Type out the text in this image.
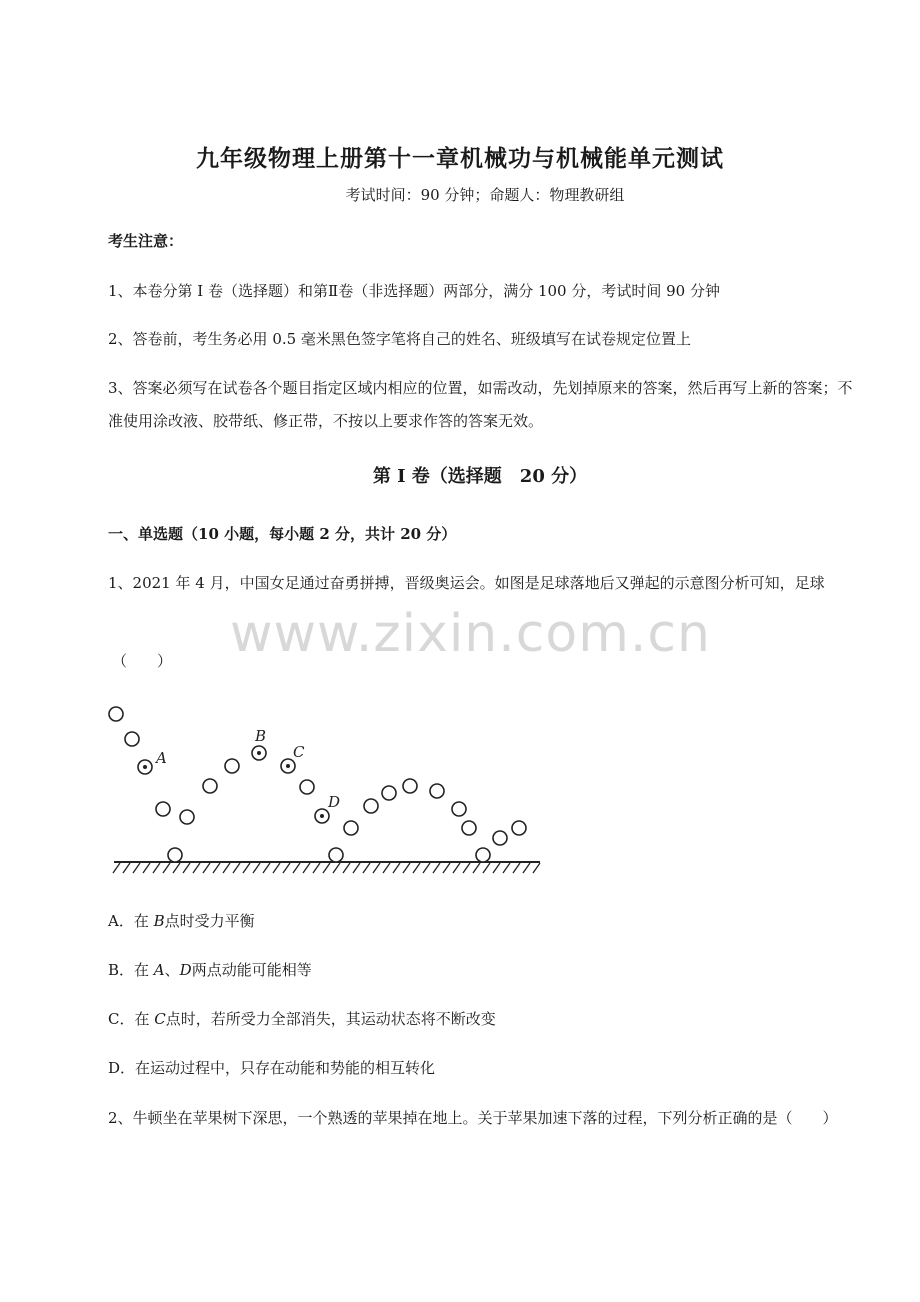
九年级物理上册第十一章机械功与机械能单元测试
考试时间：90 分钟；命题人：物理教研组
考生注意：
1、本卷分第 I 卷（选择题）和第Ⅱ卷（非选择题）两部分，满分 100 分，考试时间 90 分钟
2、答卷前，考生务必用 0.5 毫米黑色签字笔将自己的姓名、班级填写在试卷规定位置上
3、答案必须写在试卷各个题目指定区域内相应的位置，如需改动，先划掉原来的答案，然后再写上新的答案；不准使用涂改液、胶带纸、修正带，不按以上要求作答的答案无效。
第 I 卷（选择题　20 分）
一、单选题（10 小题，每小题 2 分，共计 20 分）
1、2021 年 4 月，中国女足通过奋勇拼搏，晋级奥运会。如图是足球落地后又弹起的示意图分析可知，足球
www.zixin.com.cn
（　　）
A
B
C
D
A．在 B点时受力平衡
B．在 A、D两点动能可能相等
C．在 C点时，若所受力全部消失，其运动状态将不断改变
D．在运动过程中，只存在动能和势能的相互转化
2、牛顿坐在苹果树下深思，一个熟透的苹果掉在地上。关于苹果加速下落的过程，下列分析正确的是（　　）
